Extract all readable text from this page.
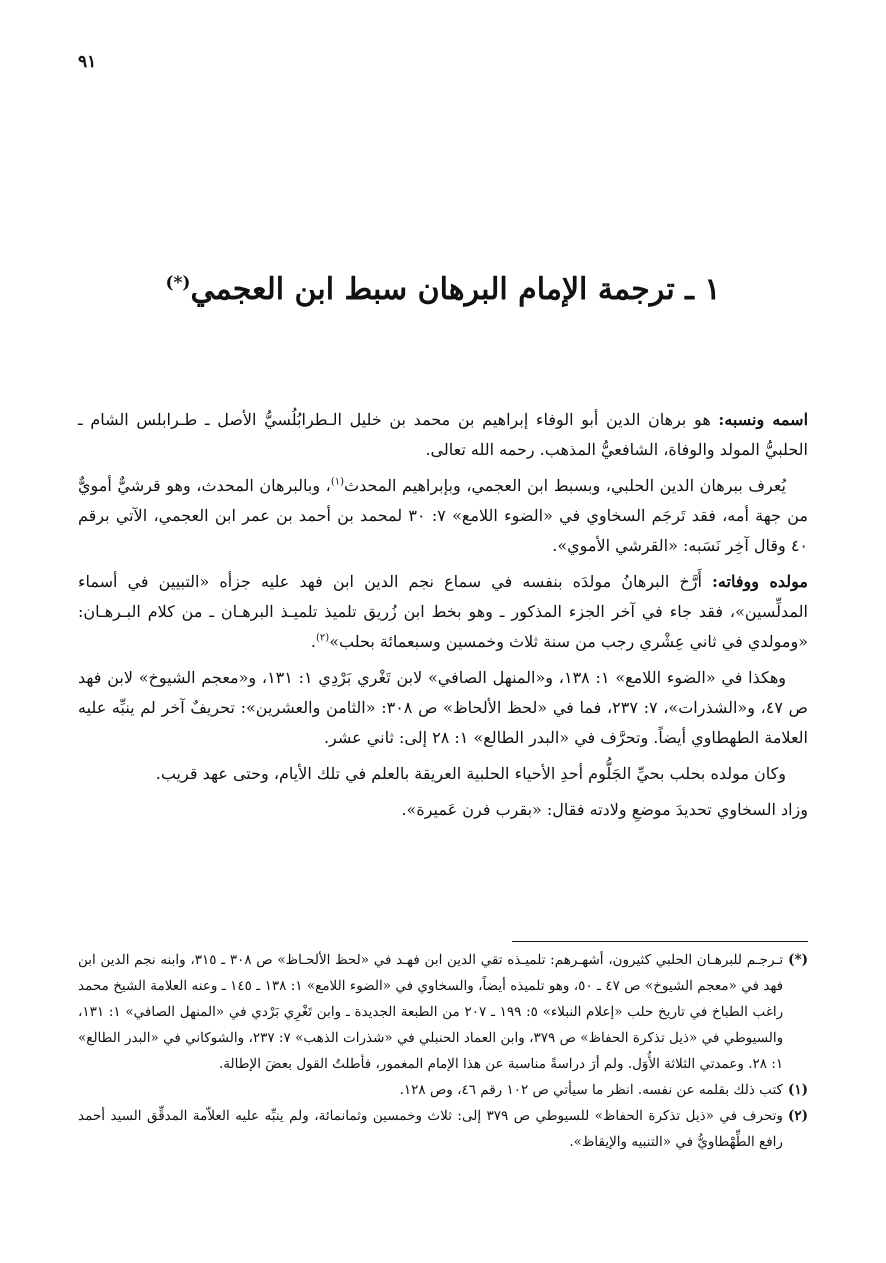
٩١
١ ـ ترجمة الإمام البرهان سبط ابن العجمي(*)

اسمه ونسبه: هو برهان الدين أبو الوفاء إبراهيم بن محمد بن خليل الـطرابُلُسيُّ الأصل ـ طـرابلس الشام ـ الحلبيُّ المولد والوفاة، الشافعيُّ المذهب. رحمه الله تعالى.

يُعرف ببرهان الدين الحلبي، وبسبط ابن العجمي، وبإبراهيم المحدث$^{(١)}$، وبالبرهان المحدث، وهو قرشيٌّ أمويٌّ من جهة أمه، فقد تَرجَم السخاوي في «الضوء اللامع» ٧: ٣٠ لمحمد بن أحمد بن عمر ابن العجمي، الآتي برقم ٤٠ وقال آخِر نَسَبه: «القرشي الأموي».

مولده ووفاته: أَرَّخ البرهانُ مولدَه بنفسه في سماع نجم الدين ابن فهد عليه جزأه «التبيين في أسماء المدلِّسين»، فقد جاء في آخر الجزء المذكور ـ وهو بخط ابن زُريق تلميذ تلميـذ البرهـان ـ من كلام البـرهـان: «ومولدي في ثاني عِشْري رجب من سنة ثلاث وخمسين وسبعمائة بحلب»$^{(٢)}$.

وهكذا في «الضوء اللامع» ١: ١٣٨، و«المنهل الصافي» لابن تَغْري بَرْدِي ١: ١٣١، و«معجم الشيوخ» لابن فهد ص ٤٧، و«الشذرات»، ٧: ٢٣٧، فما في «لحظ الألحاظ» ص ٣٠٨: «الثامن والعشرين»: تحريفٌ آخر لم ينبِّه عليه العلامة الطهطاوي أيضاً. وتحرَّف في «البدر الطالع» ١: ٢٨ إلى: ثاني عشر.

وكان مولده بحلب بحيِّ الجَلُّوم أحدِ الأحياء الحلبية العريقة بالعلم في تلك الأيام، وحتى عهد قريب.

وزاد السخاوي تحديدَ موضعِ ولادته فقال: «بقرب فرن عَميرة».

(*)
تـرجـم للبرهـان الحلبي كثيرون، أشهـرهم: تلميـذه تقي الدين ابن فهـد في «لحظ الألحـاظ» ص ٣٠٨ ـ ٣١٥، وابنه نجم الدين ابن فهد في «معجم الشيوخ» ص ٤٧ ـ ٥٠، وهو تلميذه أيضاً، والسخاوي في «الضوء اللامع» ١: ١٣٨ ـ ١٤٥ ـ وعنه العلامة الشيخ محمد راغب الطباخ في تاريخ حلب «إعلام النبلاء» ٥: ١٩٩ ـ ٢٠٧ من الطبعة الجديدة ـ وابن تَغْرِي بَرْدي في «المنهل الصافي» ١: ١٣١، والسيوطي في «ذيل تذكرة الحفاظ» ص ٣٧٩، وابن العماد الحنبلي في «شذرات الذهب» ٧: ٢٣٧، والشوكاني في «البدر الطالع» ١: ٢٨. وعمدتي الثلاثة الأُوَل. ولم أرَ دراسةً مناسبة عن هذا الإمام المغمور، فأطلتُ القول بعضَ الإطالة.
(١)
كتب ذلك بقلمه عن نفسه. انظر ما سيأتي ص ١٠٢ رقم ٤٦، وص ١٢٨.
(٢)
وتحرف في «ذيل تذكرة الحفاظ» للسيوطي ص ٣٧٩ إلى: ثلاث وخمسين وثمانمائة، ولم ينبِّه عليه العلاّمة المدقِّق السيد أحمد رافع الطِّهْطاويُّ في «التنبيه والإيقاظ».
